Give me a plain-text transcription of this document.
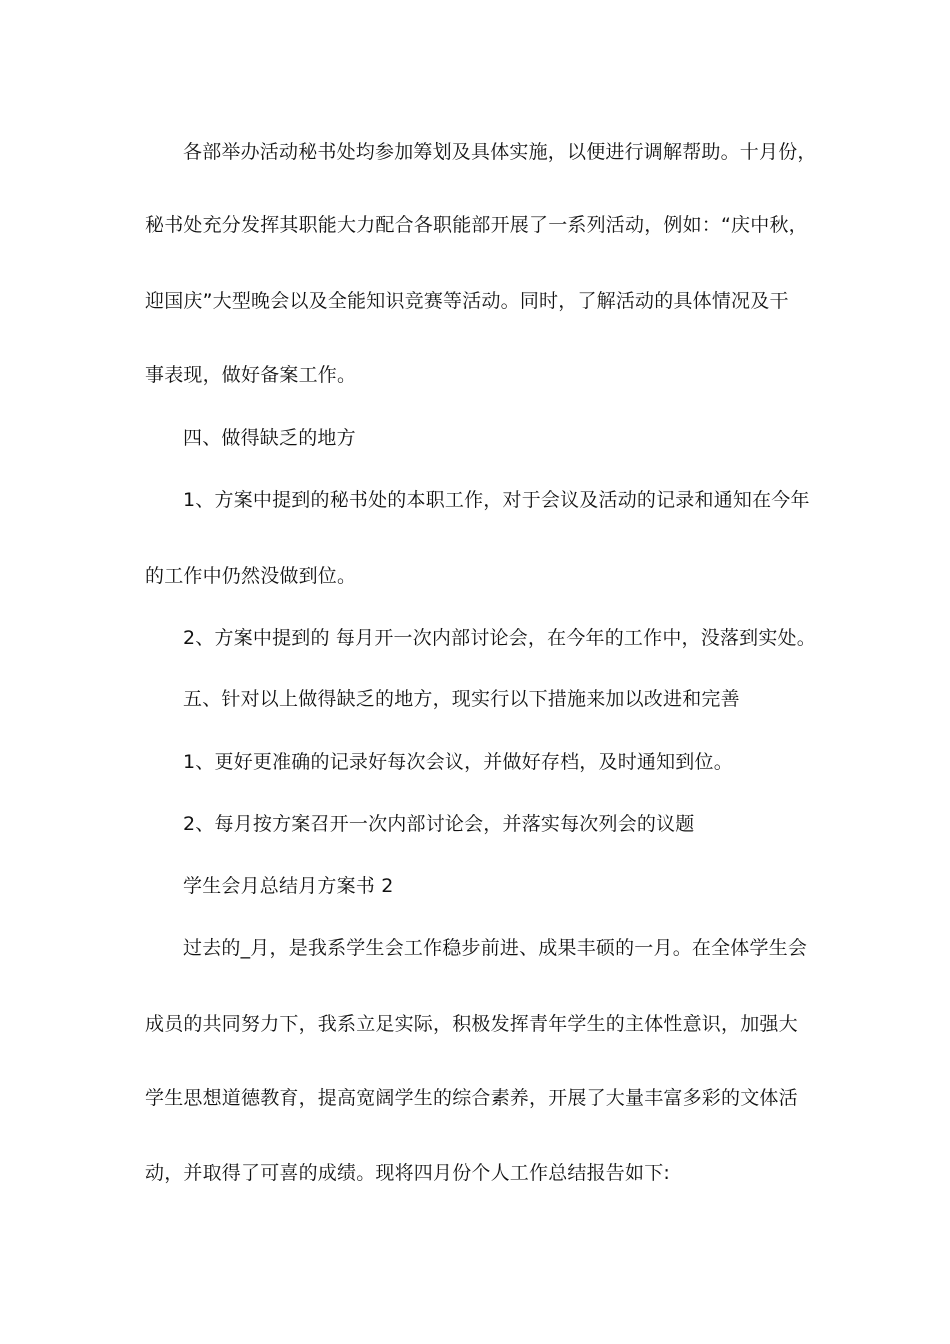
各部举办活动秘书处均参加筹划及具体实施，以便进行调解帮助。十月份，
秘书处充分发挥其职能大力配合各职能部开展了一系列活动，例如：“庆中秋，
迎国庆”大型晚会以及全能知识竞赛等活动。同时，了解活动的具体情况及干
事表现，做好备案工作。
四、做得缺乏的地方
1、方案中提到的秘书处的本职工作，对于会议及活动的记录和通知在今年
的工作中仍然没做到位。
2、方案中提到的 每月开一次内部讨论会，在今年的工作中，没落到实处。
五、针对以上做得缺乏的地方，现实行以下措施来加以改进和完善
1、更好更准确的记录好每次会议，并做好存档，及时通知到位。
2、每月按方案召开一次内部讨论会，并落实每次列会的议题
学生会月总结月方案书 2
过去的_月，是我系学生会工作稳步前进、成果丰硕的一月。在全体学生会
成员的共同努力下，我系立足实际，积极发挥青年学生的主体性意识，加强大
学生思想道德教育，提高宽阔学生的综合素养，开展了大量丰富多彩的文体活
动，并取得了可喜的成绩。现将四月份个人工作总结报告如下:
